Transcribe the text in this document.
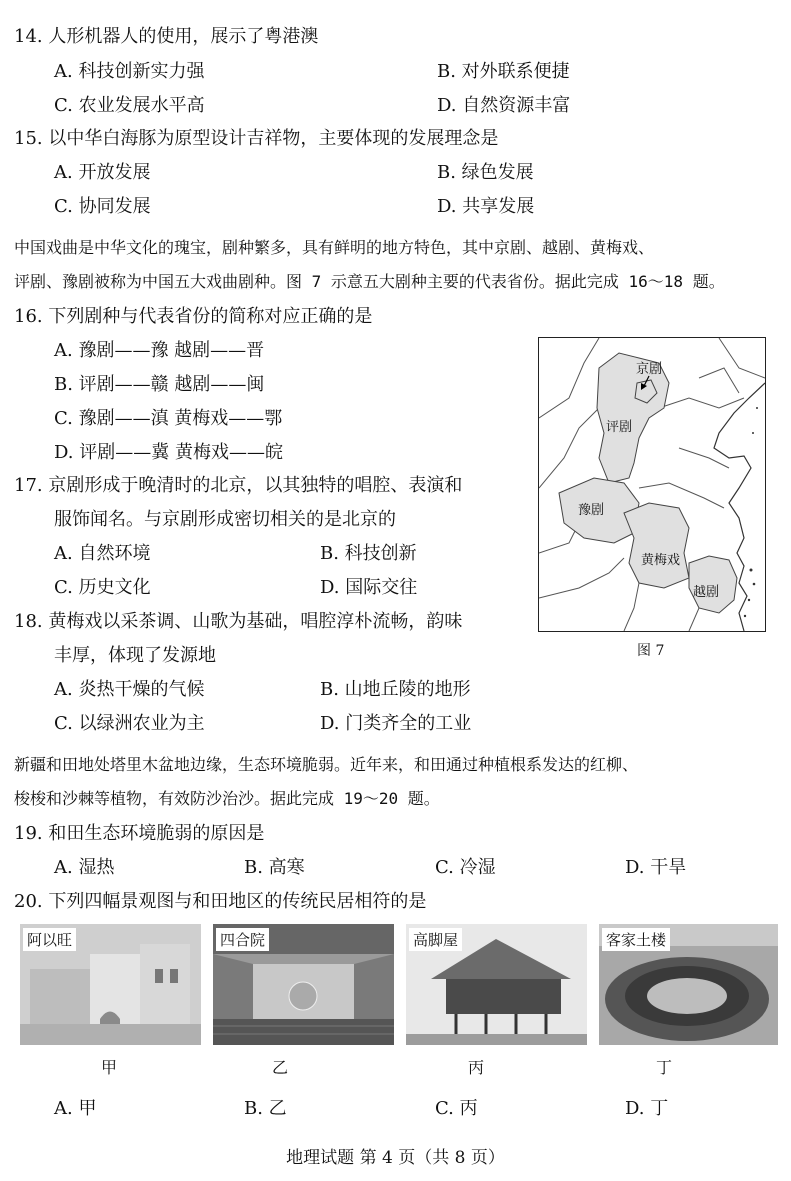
14. 人形机器人的使用，展示了粤港澳
A. 科技创新实力强	B. 对外联系便捷
C. 农业发展水平高	D. 自然资源丰富
15. 以中华白海豚为原型设计吉祥物，主要体现的发展理念是
A. 开放发展	B. 绿色发展
C. 协同发展	D. 共享发展
中国戏曲是中华文化的瑰宝，剧种繁多，具有鲜明的地方特色，其中京剧、越剧、黄梅戏、
评剧、豫剧被称为中国五大戏曲剧种。图 7 示意五大剧种主要的代表省份。据此完成 16～18 题。
16. 下列剧种与代表省份的简称对应正确的是
A. 豫剧——豫 越剧——晋
B. 评剧——赣 越剧——闽
C. 豫剧——滇 黄梅戏——鄂
D. 评剧——冀 黄梅戏——皖
17. 京剧形成于晚清时的北京，以其独特的唱腔、表演和
服饰闻名。与京剧形成密切相关的是北京的
A. 自然环境	B. 科技创新
C. 历史文化	D. 国际交往
18. 黄梅戏以采茶调、山歌为基础，唱腔淳朴流畅，韵味
丰厚，体现了发源地
A. 炎热干燥的气候	B. 山地丘陵的地形
C. 以绿洲农业为主	D. 门类齐全的工业
京剧
评剧
豫剧
黄梅戏
越剧
图 7
新疆和田地处塔里木盆地边缘，生态环境脆弱。近年来，和田通过种植根系发达的红柳、
梭梭和沙棘等植物，有效防沙治沙。据此完成 19～20 题。
19. 和田生态环境脆弱的原因是
A. 湿热	B. 高寒	C. 冷湿	D. 干旱
20. 下列四幅景观图与和田地区的传统民居相符的是
阿以旺	四合院	高脚屋	客家土楼
甲	乙	丙	丁
A. 甲	B. 乙	C. 丙	D. 丁
地理试题 第 4 页（共 8 页）
